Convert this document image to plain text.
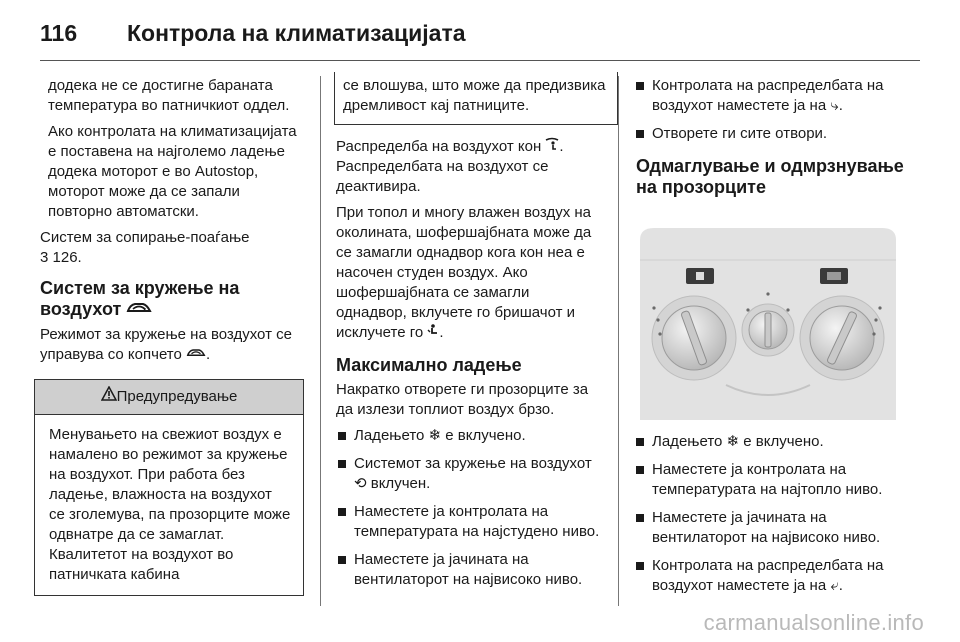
116 Контрола на климатизацијата

додека не се достигне бараната температура во патничкиот оддел.

Ако контролата на климатизацијата е поставена на најголемо ладење додека моторот е во Autostop, моторот може да се запали повторно автоматски.

Систем за сопирање-поаѓање

3 126.

Систем за кружење на воздухот

Режимот за кружење на воздухот се управува со копчето .

Предупредување
Менувањето на свежиот воздух е намалено во режимот за кружење на воздухот. При работа без ладење, влажноста на воздухот се зголемува, па прозорците може одвнатре да се замаглат. Квалитетот на воздухот во патничката кабина
се влошува, што може да предизвика дремливост кај патниците.

Распределба на воздухот кон .

Распределбата на воздухот се деактивира.

При топол и многу влажен воздух на околината, шофершајбната може да се замагли однадвор кога кон неа е насочен студен воздух. Ако шофершајбната се замагли однадвор, вклучете го бришачот и исклучете го .

Максимално ладење

Накратко отворете ги прозорците за да излези топлиот воздух брзо.

Ладењето ❄ е вклучено.
Системот за кружење на воздухот ⟲ вклучен.
Наместете ја контролата на температурата на најстудено ниво.
Наместете ја јачината на вентилаторот на највисоко ниво.
Контролата на распределбата на воздухот наместете ја на ⤷.
Отворете ги сите отвори.
Одмаглување и одмрзнување на прозорците
Ладењето ❄ е вклучено.
Наместете ја контролата на температурата на најтопло ниво.
Наместете ја јачината на вентилаторот на највисоко ниво.
Контролата на распределбата на воздухот наместете ја на ⤶.
carmanualsonline.info
